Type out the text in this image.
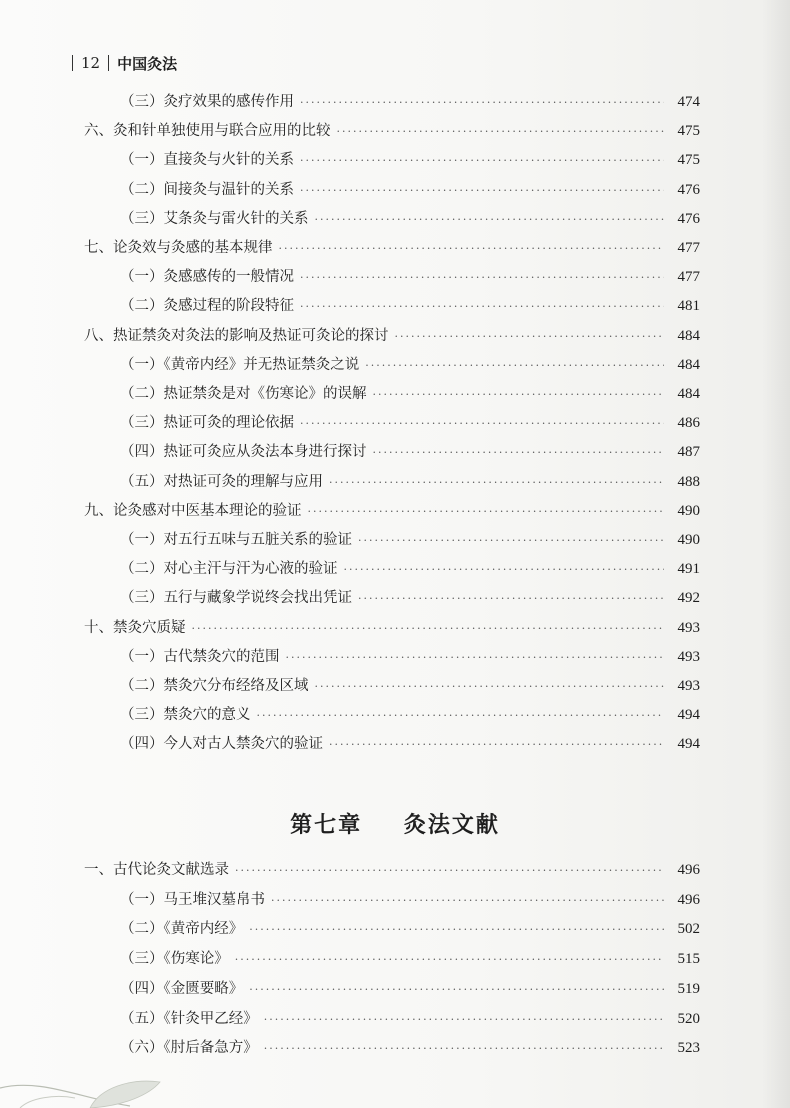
12 中国灸法
（三）灸疗效果的感传作用 ·····	474
六、灸和针单独使用与联合应用的比较 ·····	475
（一）直接灸与火针的关系 ·····	475
（二）间接灸与温针的关系 ·····	476
（三）艾条灸与雷火针的关系 ·····	476
七、论灸效与灸感的基本规律 ·····	477
（一）灸感感传的一般情况 ·····	477
（二）灸感过程的阶段特征 ·····	481
八、热证禁灸对灸法的影响及热证可灸论的探讨 ·····	484
（一）《黄帝内经》并无热证禁灸之说 ·····	484
（二）热证禁灸是对《伤寒论》的误解 ·····	484
（三）热证可灸的理论依据 ·····	486
（四）热证可灸应从灸法本身进行探讨 ·····	487
（五）对热证可灸的理解与应用 ·····	488
九、论灸感对中医基本理论的验证 ·····	490
（一）对五行五味与五脏关系的验证 ·····	490
（二）对心主汗与汗为心液的验证 ·····	491
（三）五行与藏象学说终会找出凭证 ·····	492
十、禁灸穴质疑 ·····	493
（一）古代禁灸穴的范围 ·····	493
（二）禁灸穴分布经络及区域 ·····	493
（三）禁灸穴的意义 ·····	494
（四）今人对古人禁灸穴的验证 ·····	494
第七章 灸法文献
一、古代论灸文献选录 ·····	496
（一）马王堆汉墓帛书 ·····	496
（二）《黄帝内经》 ·····	502
（三）《伤寒论》 ·····	515
（四）《金匮要略》 ·····	519
（五）《针灸甲乙经》 ·····	520
（六）《肘后备急方》 ·····	523
